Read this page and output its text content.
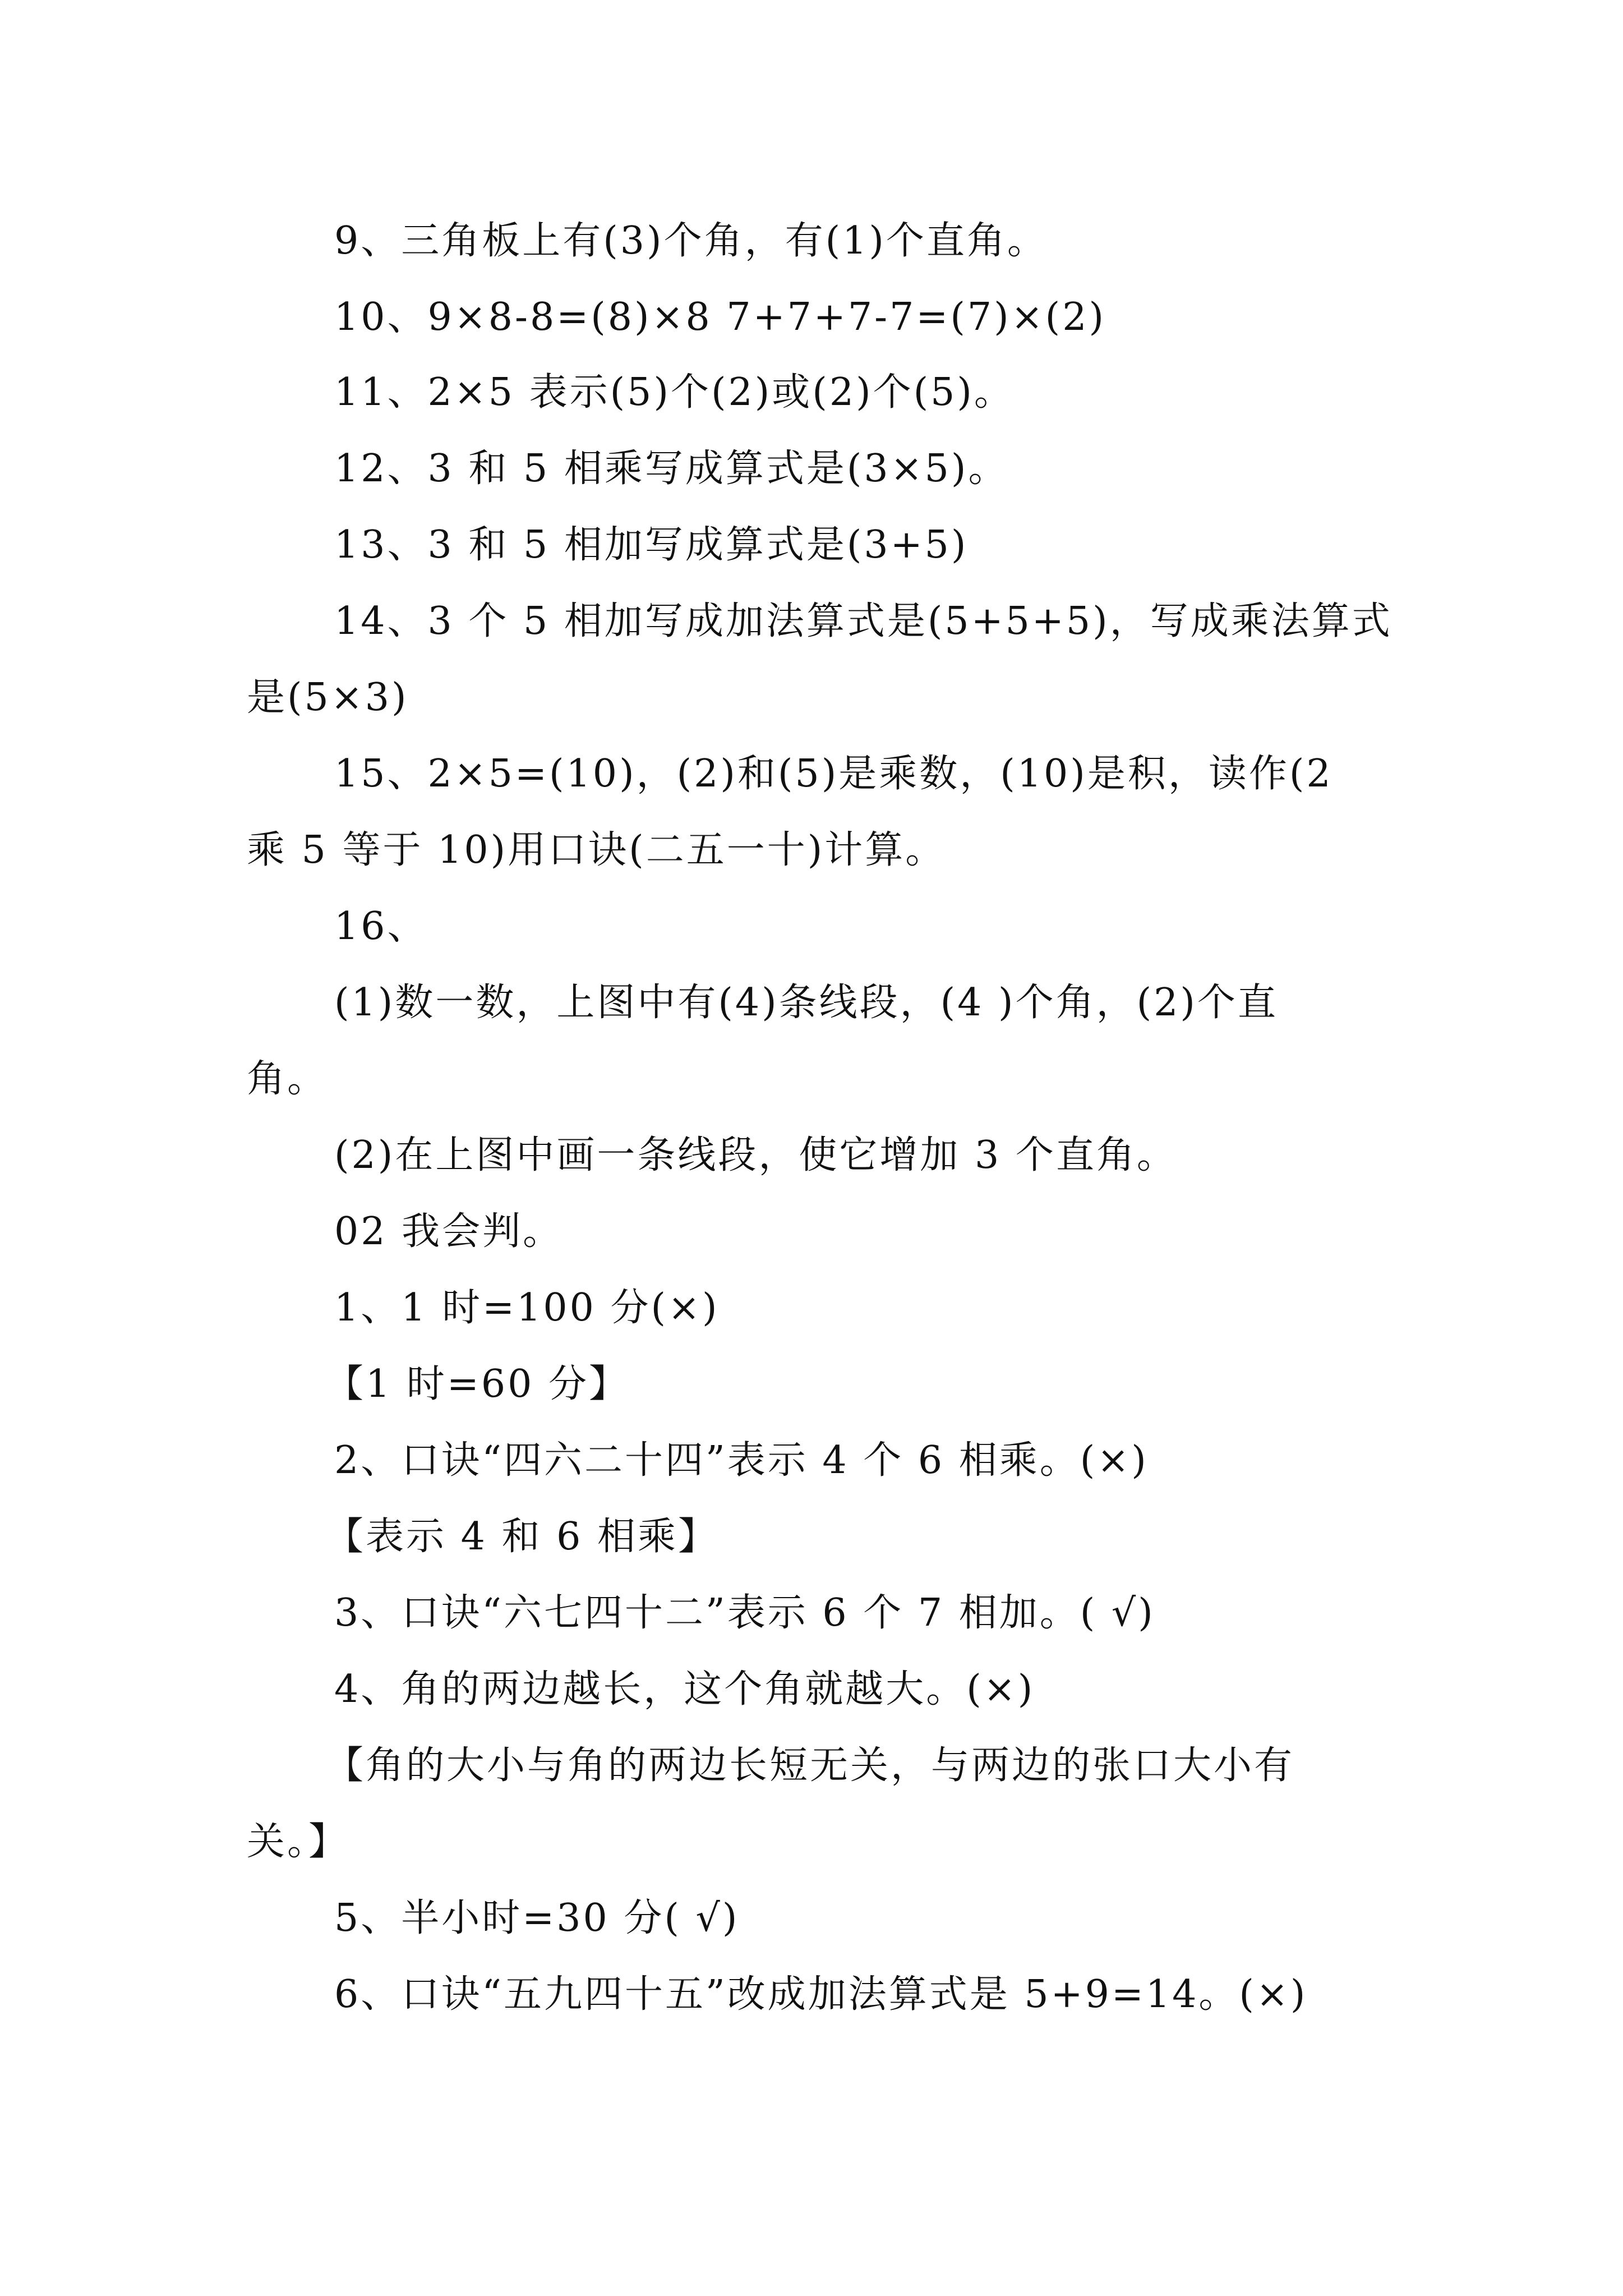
9、三角板上有(3)个角，有(1)个直角。

10、9×8-8=(8)×8 7+7+7-7=(7)×(2)

11、2×5 表示(5)个(2)或(2)个(5)。

12、3 和 5 相乘写成算式是(3×5)。

13、3 和 5 相加写成算式是(3+5)

14、3 个 5 相加写成加法算式是(5+5+5)，写成乘法算式

是(5×3)

15、2×5=(10)，(2)和(5)是乘数，(10)是积，读作(2

乘 5 等于 10)用口诀(二五一十)计算。

16、

(1)数一数，上图中有(4)条线段，(4 )个角，(2)个直

角。

(2)在上图中画一条线段，使它增加 3 个直角。

02 我会判。

1、1 时=100 分(×)

【1 时=60 分】

2、口诀“四六二十四”表示 4 个 6 相乘。(×)

【表示 4 和 6 相乘】

3、口诀“六七四十二”表示 6 个 7 相加。( √)

4、角的两边越长，这个角就越大。(×)

【角的大小与角的两边长短无关，与两边的张口大小有

关。】

5、半小时=30 分( √)

6、口诀“五九四十五”改成加法算式是 5+9=14。(×)
